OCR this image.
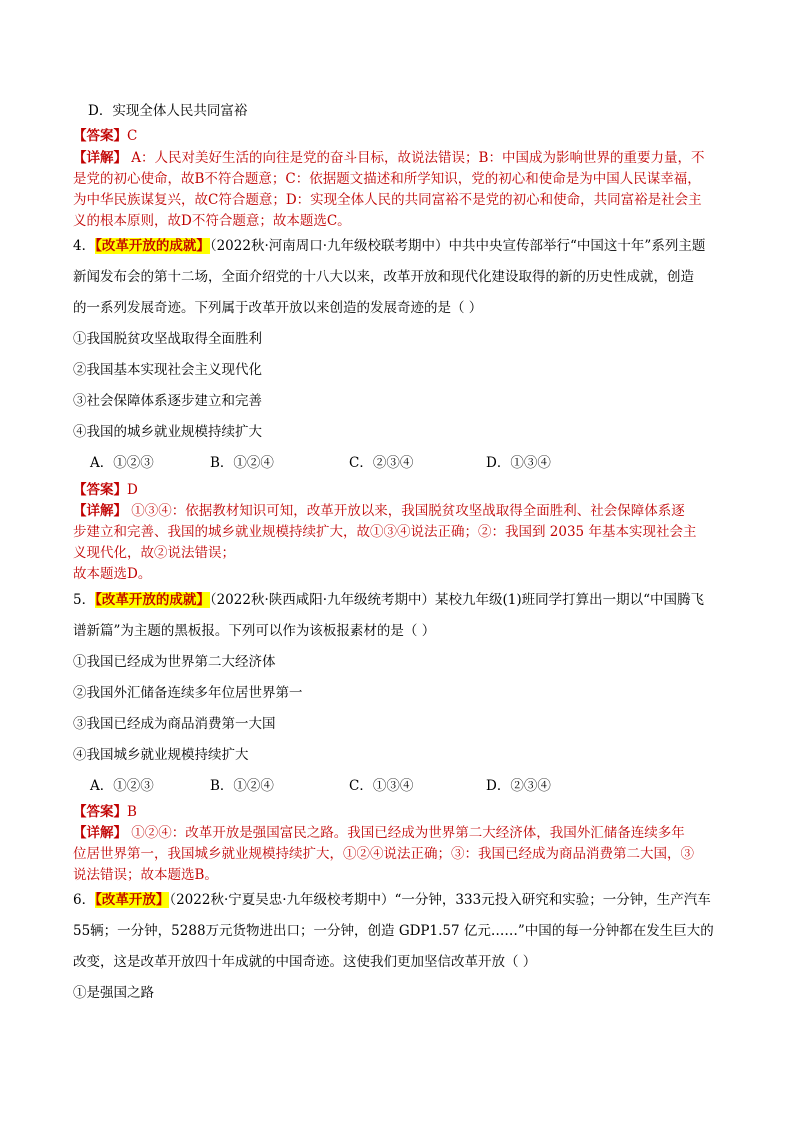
D．实现全体人民共同富裕
【答案】C
【详解】 A：人民对美好生活的向往是党的奋斗目标，故说法错误；B：中国成为影响世界的重要力量，不
是党的初心使命，故B不符合题意；C：依据题文描述和所学知识，党的初心和使命是为中国人民谋幸福，
为中华民族谋复兴，故C符合题意；D：实现全体人民的共同富裕不是党的初心和使命，共同富裕是社会主
义的根本原则，故D不符合题意；故本题选C。
4．【改革开放的成就】（2022秋·河南周口·九年级校联考期中）中共中央宣传部举行“中国这十年”系列主题
新闻发布会的第十二场，全面介绍党的十八大以来，改革开放和现代化建设取得的新的历史性成就，创造
的一系列发展奇迹。下列属于改革开放以来创造的发展奇迹的是（ ）
①我国脱贫攻坚战取得全面胜利
②我国基本实现社会主义现代化
③社会保障体系逐步建立和完善
④我国的城乡就业规模持续扩大
A．①②③	B．①②④	C．②③④	D．①③④
【答案】D
【详解】 ①③④：依据教材知识可知，改革开放以来，我国脱贫攻坚战取得全面胜利、社会保障体系逐
步建立和完善、我国的城乡就业规模持续扩大，故①③④说法正确；②：我国到 2035 年基本实现社会主
义现代化，故②说法错误；
故本题选D。
5．【改革开放的成就】（2022秋·陕西咸阳·九年级统考期中）某校九年级(1)班同学打算出一期以“中国腾飞
谱新篇”为主题的黑板报。下列可以作为该板报素材的是（ ）
①我国已经成为世界第二大经济体
②我国外汇储备连续多年位居世界第一
③我国已经成为商品消费第一大国
④我国城乡就业规模持续扩大
A．①②③	B．①②④	C．①③④	D．②③④
【答案】B
【详解】 ①②④：改革开放是强国富民之路。我国已经成为世界第二大经济体，我国外汇储备连续多年
位居世界第一，我国城乡就业规模持续扩大，①②④说法正确；③：我国已经成为商品消费第二大国，③
说法错误；故本题选B。
6．【改革开放】（2022秋·宁夏吴忠·九年级校考期中）“一分钟，333元投入研究和实验；一分钟，生产汽车
55辆；一分钟，5288万元货物进出口；一分钟，创造 GDP1.57 亿元……”中国的每一分钟都在发生巨大的
改变，这是改革开放四十年成就的中国奇迹。这使我们更加坚信改革开放（ ）
①是强国之路
